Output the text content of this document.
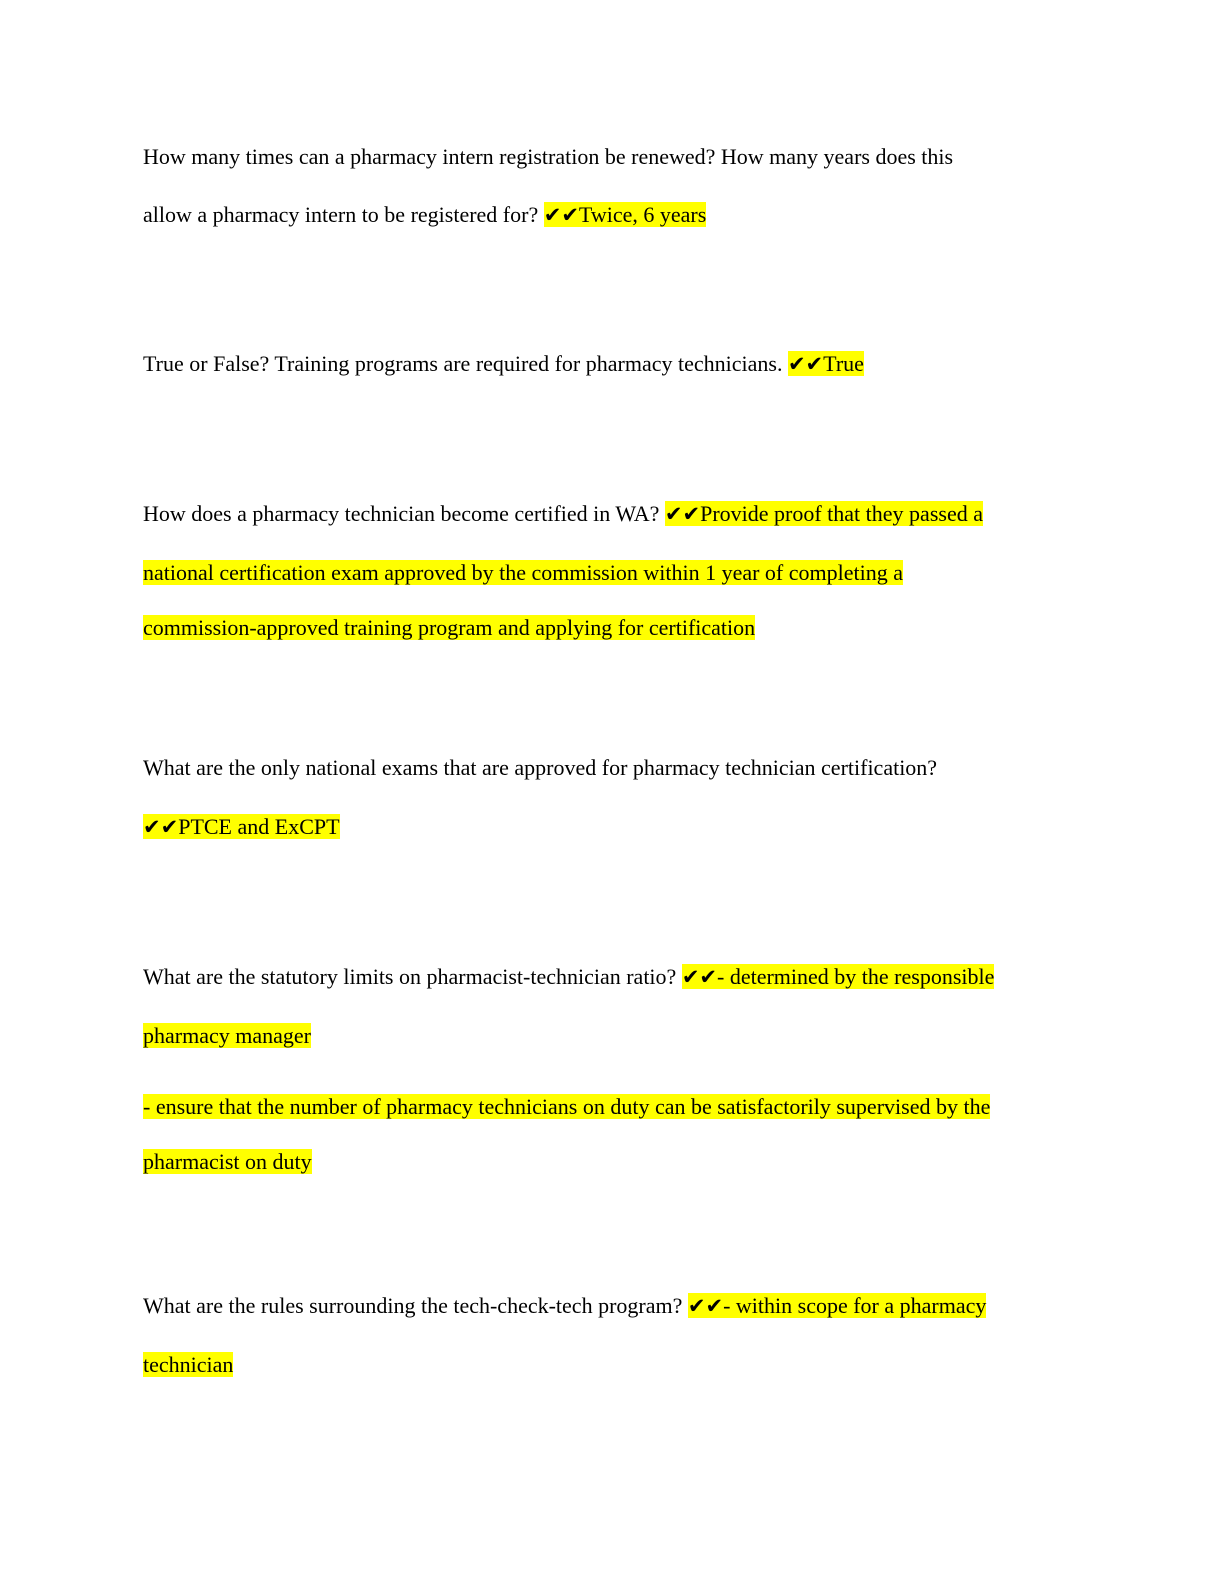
How many times can a pharmacy intern registration be renewed? How many years does this
allow a pharmacy intern to be registered for? ✔✔Twice, 6 years
True or False? Training programs are required for pharmacy technicians. ✔✔True
How does a pharmacy technician become certified in WA? ✔✔Provide proof that they passed a
national certification exam approved by the commission within 1 year of completing a
commission-approved training program and applying for certification
What are the only national exams that are approved for pharmacy technician certification?
✔✔PTCE and ExCPT
What are the statutory limits on pharmacist-technician ratio? ✔✔- determined by the responsible
pharmacy manager
- ensure that the number of pharmacy technicians on duty can be satisfactorily supervised by the
pharmacist on duty
What are the rules surrounding the tech-check-tech program? ✔✔- within scope for a pharmacy
technician
